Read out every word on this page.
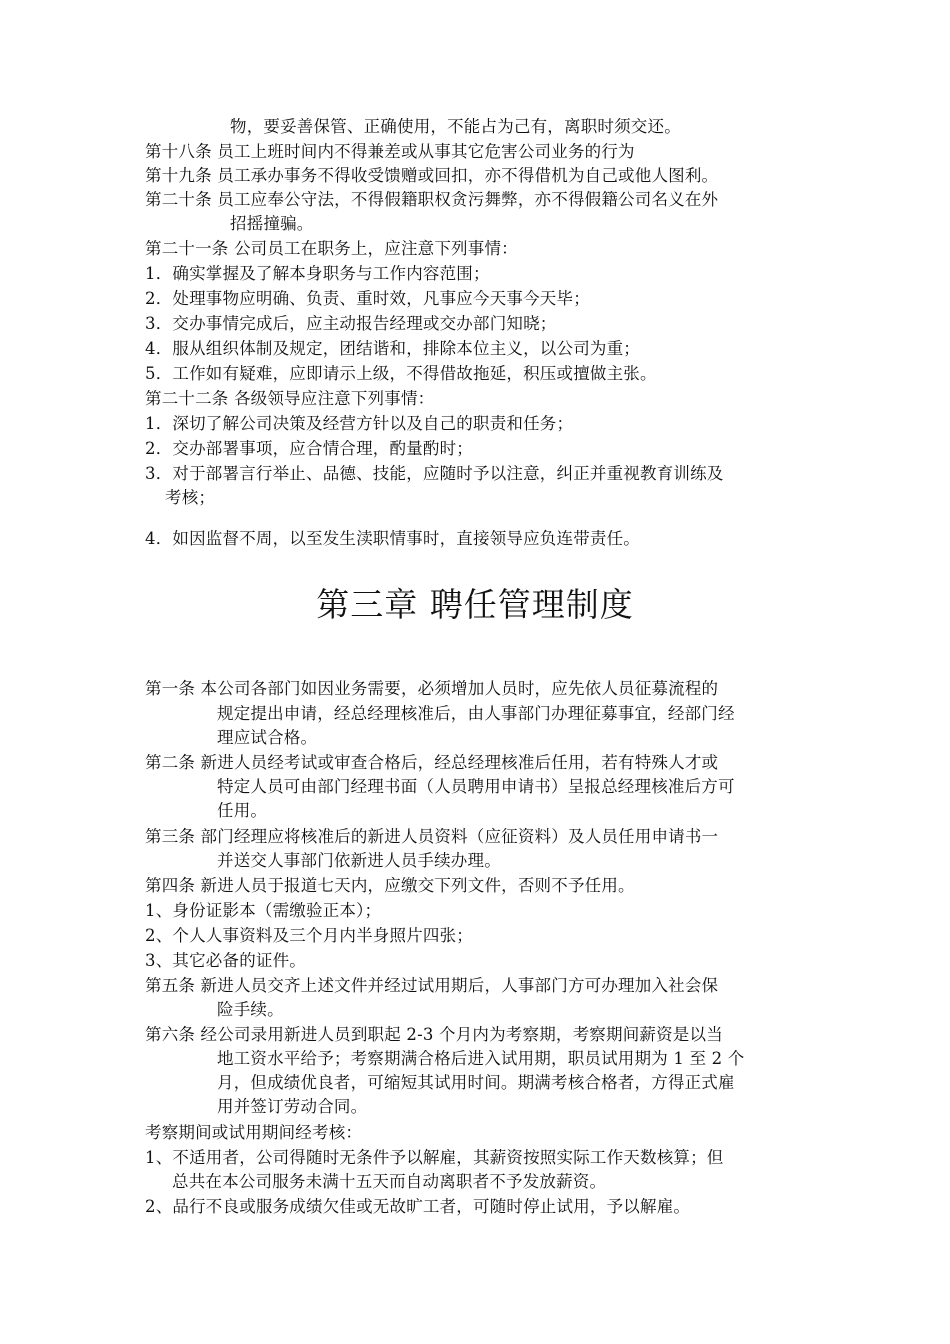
物，要妥善保管、正确使用，不能占为己有，离职时须交还。
第十八条 员工上班时间内不得兼差或从事其它危害公司业务的行为
第十九条 员工承办事务不得收受馈赠或回扣，亦不得借机为自己或他人图利。
第二十条 员工应奉公守法，不得假籍职权贪污舞弊，亦不得假籍公司名义在外
招摇撞骗。
第二十一条 公司员工在职务上，应注意下列事情：
1．确实掌握及了解本身职务与工作内容范围；
2．处理事物应明确、负责、重时效，凡事应今天事今天毕；
3．交办事情完成后，应主动报告经理或交办部门知晓；
4．服从组织体制及规定，团结谐和，排除本位主义，以公司为重；
5．工作如有疑难，应即请示上级，不得借故拖延，积压或擅做主张。
第二十二条 各级领导应注意下列事情：
1．深切了解公司决策及经营方针以及自己的职责和任务；
2．交办部署事项，应合情合理，酌量酌时；
3．对于部署言行举止、品德、技能，应随时予以注意，纠正并重视教育训练及
考核；
4．如因监督不周，以至发生渎职情事时，直接领导应负连带责任。
第三章 聘任管理制度
第一条 本公司各部门如因业务需要，必须增加人员时，应先依人员征募流程的
规定提出申请，经总经理核准后，由人事部门办理征募事宜，经部门经
理应试合格。
第二条 新进人员经考试或审查合格后，经总经理核准后任用，若有特殊人才或
特定人员可由部门经理书面（人员聘用申请书）呈报总经理核准后方可
任用。
第三条 部门经理应将核准后的新进人员资料（应征资料）及人员任用申请书一
并送交人事部门依新进人员手续办理。
第四条 新进人员于报道七天内，应缴交下列文件，否则不予任用。
1、身份证影本（需缴验正本）；
2、个人人事资料及三个月内半身照片四张；
3、其它必备的证件。
第五条 新进人员交齐上述文件并经过试用期后，人事部门方可办理加入社会保
险手续。
第六条 经公司录用新进人员到职起 2-3 个月内为考察期，考察期间薪资是以当
地工资水平给予；考察期满合格后进入试用期，职员试用期为 1 至 2 个
月，但成绩优良者，可缩短其试用时间。期满考核合格者，方得正式雇
用并签订劳动合同。
考察期间或试用期间经考核：
1、不适用者，公司得随时无条件予以解雇，其薪资按照实际工作天数核算；但
总共在本公司服务未满十五天而自动离职者不予发放薪资。
2、品行不良或服务成绩欠佳或无故旷工者，可随时停止试用，予以解雇。
